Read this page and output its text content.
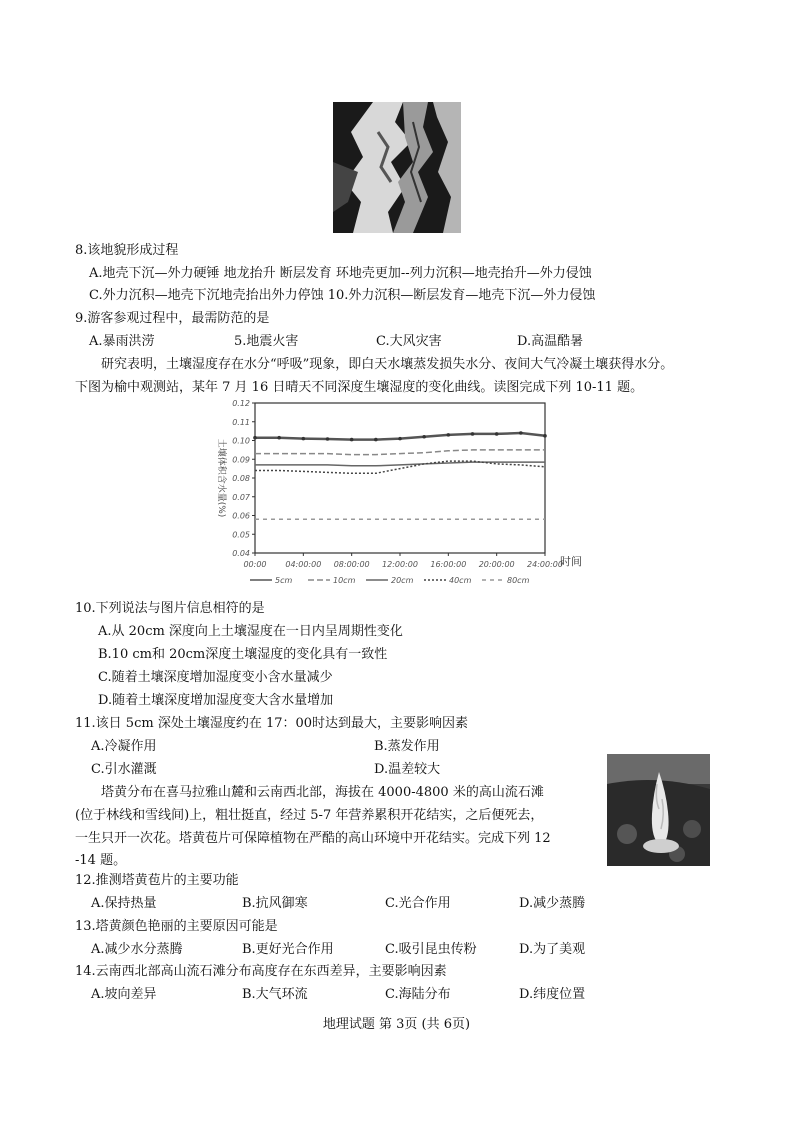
8.该地貌形成过程
A.地壳下沉—外力硬锤 地龙抬升 断层发育 环地壳更加--列力沉积—地壳抬升—外力侵蚀
C.外力沉积—地壳下沉地壳抬出外力停蚀 10.外力沉积—断层发育—地壳下沉—外力侵蚀
9.游客参观过程中，最需防范的是
A.暴雨洪涝	5.地震火害	C.大风灾害	D.高温酷暑
研究表明，土壤湿度存在水分“呼吸”现象，即白天水壤蒸发损失水分、夜间大气冷凝土壤获得水分。
下图为榆中观测站，某年 7 月 16 日晴天不同深度生壤湿度的变化曲线。读图完成下列 10-11 题。
0.12
0.11
0.10
0.09
0.08
0.07
0.06
0.05
0.04
00:00 04:00:00 08:00:00 12:00:00 16:00:00 20:00:00 24:00:00
土壤体积含水量(%)
时间
5cm	10cm	20cm	40cm	80cm
10.下列说法与图片信息相符的是
A.从 20cm 深度向上土壤湿度在一日内呈周期性变化
B.10 cm和 20cm深度土壤湿度的变化具有一致性
C.随着土壤深度增加湿度变小含水量减少
D.随着土壤深度增加湿度变大含水量增加
11.该日 5cm 深处土壤湿度约在 17：00时达到最大，主要影响因素
A.冷凝作用	B.蒸发作用
C.引水灌溉	D.温差较大
塔黄分布在喜马拉雅山麓和云南西北部，海拔在 4000-4800 米的高山流石滩
(位于林线和雪线间)上，粗壮挺直，经过 5-7 年营养累积开花结实，之后便死去，
一生只开一次花。塔黄苞片可保障植物在严酷的高山环境中开花结实。完成下列 12
-14 题。
12.推测塔黄苞片的主要功能
A.保持热量	B.抗风御寒	C.光合作用	D.减少蒸腾
13.塔黄颜色艳丽的主要原因可能是
A.减少水分蒸腾	B.更好光合作用	C.吸引昆虫传粉	D.为了美观
14.云南西北部高山流石滩分布高度存在东西差异，主要影响因素
A.坡向差异	B.大气环流	C.海陆分布	D.纬度位置
地理试题 第 3页 (共 6页)
